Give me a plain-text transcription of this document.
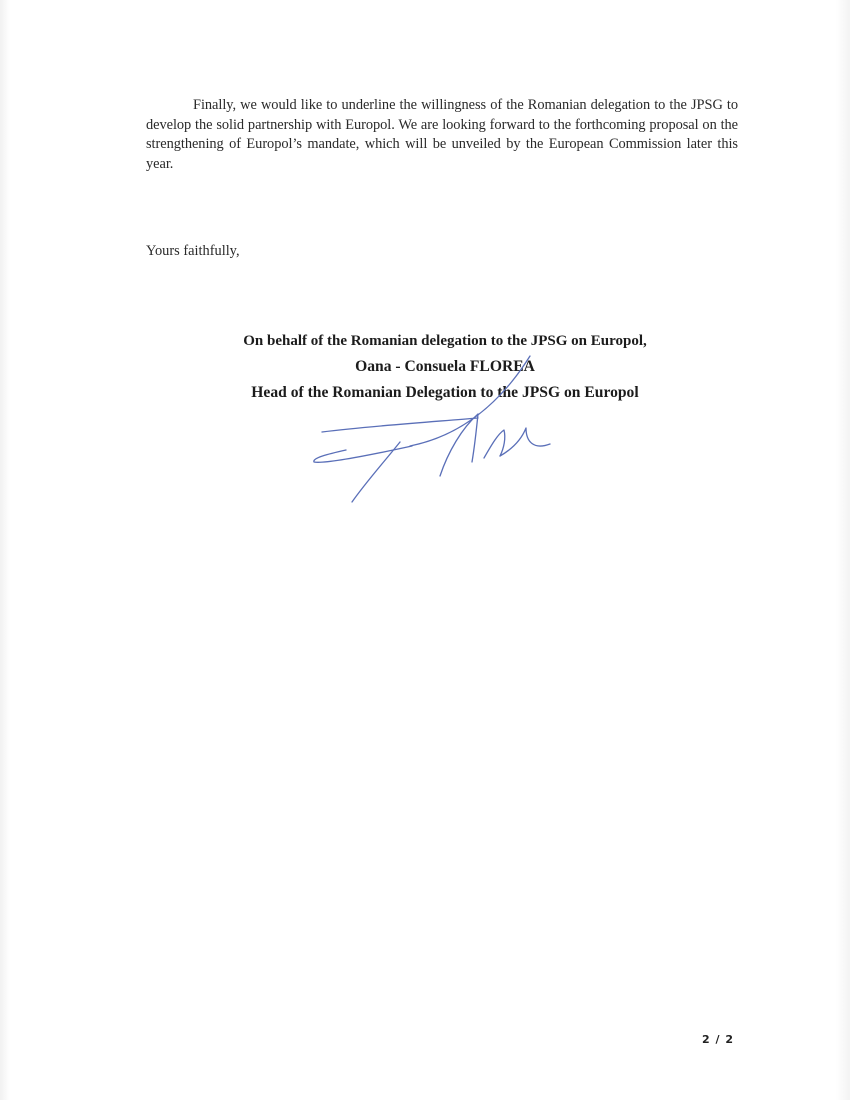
Finally, we would like to underline the willingness of the Romanian delegation to the JPSG to develop the solid partnership with Europol. We are looking forward to the forthcoming proposal on the strengthening of Europol’s mandate, which will be unveiled by the European Commission later this year.

Yours faithfully,

On behalf of the Romanian delegation to the JPSG on Europol,
Oana - Consuela FLOREA
Head of the Romanian Delegation to the JPSG on Europol
2 / 2
